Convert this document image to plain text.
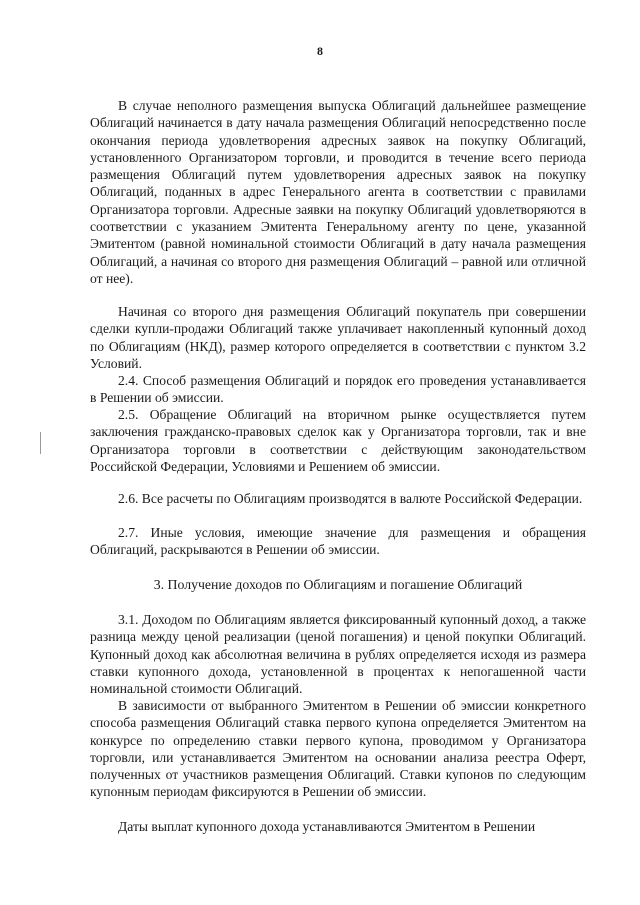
8

В случае неполного размещения выпуска Облигаций дальнейшее размещение Облигаций начинается в дату начала размещения Облигаций непосредственно после окончания периода удовлетворения адресных заявок на покупку Облигаций, установленного Организатором торговли, и проводится в течение всего периода размещения Облигаций путем удовлетворения адресных заявок на покупку Облигаций, поданных в адрес Генерального агента в соответствии с правилами Организатора торговли. Адресные заявки на покупку Облигаций удовлетворяются в соответствии с указанием Эмитента Генеральному агенту по цене, указанной Эмитентом (равной номинальной стоимости Облигаций в дату начала размещения Облигаций, а начиная со второго дня размещения Облигаций – равной или отличной от нее).

Начиная со второго дня размещения Облигаций покупатель при совершении сделки купли-продажи Облигаций также уплачивает накопленный купонный доход по Облигациям (НКД), размер которого определяется в соответствии с пунктом 3.2 Условий.

2.4. Способ размещения Облигаций и порядок его проведения устанавливается в Решении об эмиссии.

2.5. Обращение Облигаций на вторичном рынке осуществляется путем заключения гражданско-правовых сделок как у Организатора торговли, так и вне Организатора торговли в соответствии с действующим законодательством Российской Федерации, Условиями и Решением об эмиссии.

2.6. Все расчеты по Облигациям производятся в валюте Российской Федерации.

2.7. Иные условия, имеющие значение для размещения и обращения Облигаций, раскрываются в Решении об эмиссии.

3. Получение доходов по Облигациям и погашение Облигаций

3.1. Доходом по Облигациям является фиксированный купонный доход, а также разница между ценой реализации (ценой погашения) и ценой покупки Облигаций. Купонный доход как абсолютная величина в рублях определяется исходя из размера ставки купонного дохода, установленной в процентах к непогашенной части номинальной стоимости Облигаций.

В зависимости от выбранного Эмитентом в Решении об эмиссии конкретного способа размещения Облигаций ставка первого купона определяется Эмитентом на конкурсе по определению ставки первого купона, проводимом у Организатора торговли, или устанавливается Эмитентом на основании анализа реестра Оферт, полученных от участников размещения Облигаций. Ставки купонов по следующим купонным периодам фиксируются в Решении об эмиссии.

Даты выплат купонного дохода устанавливаются Эмитентом в Решении
